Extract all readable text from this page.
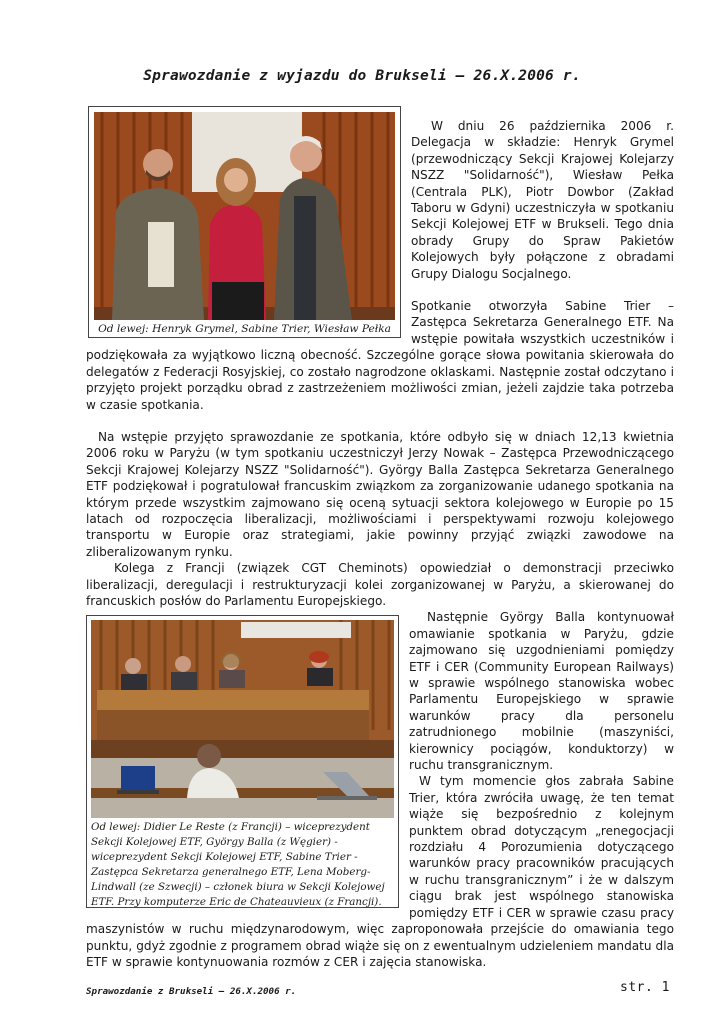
Sprawozdanie z wyjazdu do Brukseli – 26.X.2006 r.
Od lewej: Henryk Grymel, Sabine Trier, Wiesław Pełka

W dniu 26 października 2006 r. Delegacja w składzie: Henryk Grymel (przewodniczący Sekcji Krajowej Kolejarzy NSZZ "Solidarność"), Wiesław Pełka (Centrala PLK), Piotr Dowbor (Zakład Taboru w Gdyni) uczestniczyła w spotkaniu Sekcji Kolejowej ETF w Brukseli. Tego dnia obrady Grupy do Spraw Pakietów Kolejowych były połączone z obradami Grupy Dialogu Socjalnego.

Spotkanie otworzyła Sabine Trier – Zastępca Sekretarza Generalnego ETF. Na wstępie powitała wszystkich uczestników i podziękowała za wyjątkowo liczną obecność. Szczególne gorące słowa powitania skierowała do delegatów z Federacji Rosyjskiej, co zostało nagrodzone oklaskami. Następnie został odczytano i przyjęto projekt porządku obrad z zastrzeżeniem możliwości zmian, jeżeli zajdzie taka potrzeba w czasie spotkania.

Na wstępie przyjęto sprawozdanie ze spotkania, które odbyło się w dniach 12,13 kwietnia 2006 roku w Paryżu (w tym spotkaniu uczestniczył Jerzy Nowak – Zastępca Przewodniczącego Sekcji Krajowej Kolejarzy NSZZ "Solidarność"). György Balla Zastępca Sekretarza Generalnego ETF podziękował i pogratulował francuskim związkom za zorganizowanie udanego spotkania na którym przede wszystkim zajmowano się oceną sytuacji sektora kolejowego w Europie po 15 latach od rozpoczęcia liberalizacji, możliwościami i perspektywami rozwoju kolejowego transportu w Europie oraz strategiami, jakie powinny przyjąć związki zawodowe na zliberalizowanym rynku.

Kolega z Francji (związek CGT Cheminots) opowiedział o demonstracji przeciwko liberalizacji, deregulacji i restrukturyzacji kolei zorganizowanej w Paryżu, a skierowanej do francuskich posłów do Parlamentu Europejskiego.

Od lewej: Didier Le Reste (z Francji) – wiceprezydent Sekcji Kolejowej ETF, György Balla (z Węgier) - wiceprezydent Sekcji Kolejowej ETF, Sabine Trier - Zastępca Sekretarza generalnego ETF, Lena Moberg-Lindwall (ze Szwecji) – członek biura w Sekcji Kolejowej ETF. Przy komputerze Eric de Chateauvieux (z Francji).

Następnie György Balla kontynuował omawianie spotkania w Paryżu, gdzie zajmowano się uzgodnieniami pomiędzy ETF i CER (Community European Railways) w sprawie wspólnego stanowiska wobec Parlamentu Europejskiego w sprawie warunków pracy dla personelu zatrudnionego mobilnie (maszyniści, kierownicy pociągów, konduktorzy) w ruchu transgranicznym.

W tym momencie głos zabrała Sabine Trier, która zwróciła uwagę, że ten temat wiąże się bezpośrednio z kolejnym punktem obrad dotyczącym „renegocjacji rozdziału 4 Porozumienia dotyczącego warunków pracy pracowników pracujących w ruchu transgranicznym” i że w dalszym ciągu brak jest wspólnego stanowiska pomiędzy ETF i CER w sprawie czasu pracy maszynistów w ruchu międzynarodowym, więc zaproponowała przejście do omawiania tego punktu, gdyż zgodnie z programem obrad wiąże się on z ewentualnym udzieleniem mandatu dla ETF w sprawie kontynuowania rozmów z CER i zajęcia stanowiska.

Sprawozdanie z Brukseli – 26.X.2006 r.	str. 1
